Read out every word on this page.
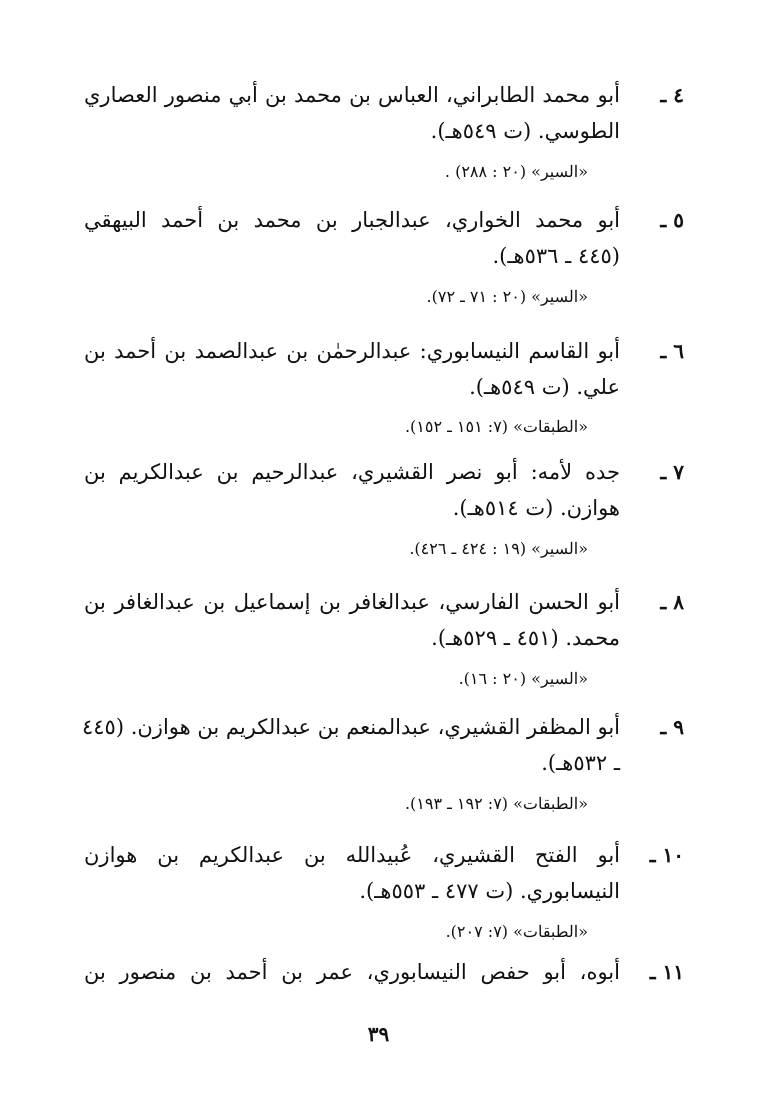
٤ ـ
أبو محمد الطابراني، العباس بن محمد بن أبي منصور العصاري
الطوسي. (ت ٥٤٩هـ).
«السير» (٢٠ : ٢٨٨) .
٥ ـ
أبو محمد الخواري، عبدالجبار بن محمد بن أحمد البيهقي
(٤٤٥ ـ ٥٣٦هـ).
«السير» (٢٠ : ٧١ ـ ٧٢).
٦ ـ
أبو القاسم النيسابوري: عبدالرحمٰن بن عبدالصمد بن أحمد بن
علي. (ت ٥٤٩هـ).
«الطبقات» (٧: ١٥١ ـ ١٥٢).
٧ ـ
جده لأمه: أبو نصر القشيري، عبدالرحيم بن عبدالكريم بن
هوازن. (ت ٥١٤هـ).
«السير» (١٩ : ٤٢٤ ـ ٤٢٦).
٨ ـ
أبو الحسن الفارسي، عبدالغافر بن إسماعيل بن عبدالغافر بن
محمد. (٤٥١ ـ ٥٢٩هـ).
«السير» (٢٠ : ١٦).
٩ ـ
أبو المظفر القشيري، عبدالمنعم بن عبدالكريم بن هوازن. (٤٤٥
ـ ٥٣٢هـ).
«الطبقات» (٧: ١٩٢ ـ ١٩٣).
١٠ ـ
أبو الفتح القشيري، عُبيدالله بن عبدالكريم بن هوازن
النيسابوري. (ت ٤٧٧ ـ ٥٥٣هـ).
«الطبقات» (٧: ٢٠٧).
١١ ـ
أبوه، أبو حفص النيسابوري، عمر بن أحمد بن منصور بن
٣٩
